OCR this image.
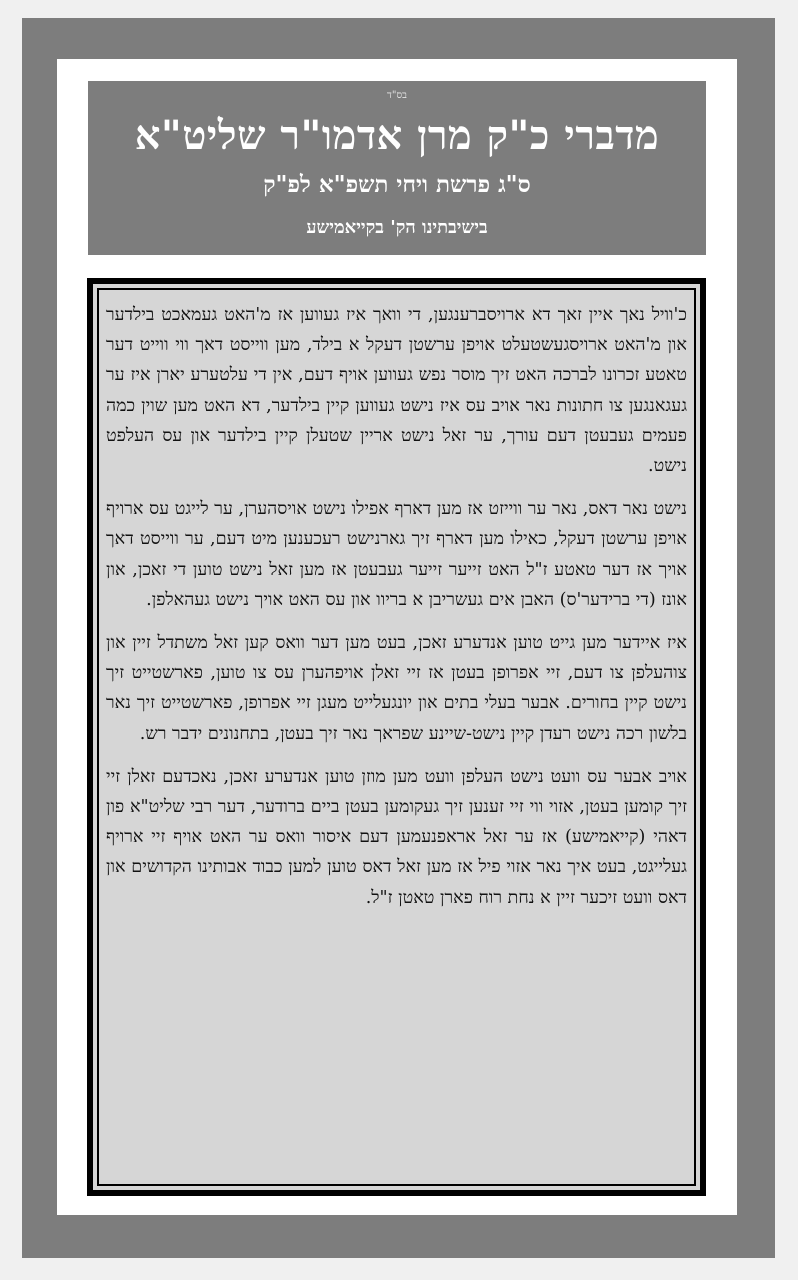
בס"ד
מדברי כ"ק מרן אדמו"ר שליט"א
ס"ג פרשת ויחי תשפ"א לפ"ק
בישיבתינו הק' בקייאמישע

כ'וויל נאך איין זאך דא ארויסברענגען, די וואך איז געווען אז מ'האט געמאכט בילדער און מ'האט ארויסגעשטעלט אויפן ערשטן דעקל א בילד, מען ווייסט דאך ווי ווייט דער טאטע זכרונו לברכה האט זיך מוסר נפש געווען אויף דעם, אין די עלטערע יארן איז ער געגאנגען צו חתונות נאר אויב עס איז נישט געווען קיין בילדער, דא האט מען שוין כמה פעמים געבעטן דעם עורך, ער זאל נישט אריין שטעלן קיין בילדער און עס העלפט נישט.

נישט נאר דאס, נאר ער ווייזט אז מען דארף אפילו נישט אויסהערן, ער לייגט עס ארויף אויפן ערשטן דעקל, כאילו מען דארף זיך גארנישט רעכענען מיט דעם, ער ווייסט דאך אויך אז דער טאטע ז"ל האט זייער זייער געבעטן אז מען זאל נישט טוען די זאכן, און אונז (די ברידער'ס) האבן אים געשריבן א בריוו און עס האט אויך נישט געהאלפן.

איז איידער מען גייט טוען אנדערע זאכן, בעט מען דער וואס קען זאל משתדל זיין און צוהעלפן צו דעם, זיי אפרופן בעטן אז זיי זאלן אויפהערן עס צו טוען, פארשטייט זיך נישט קיין בחורים. אבער בעלי בתים און יונגעלייט מעגן זיי אפרופן, פארשטייט זיך נאר בלשון רכה נישט רעדן קיין נישט-שיינע שפראך נאר זיך בעטן, בתחנונים ידבר רש.

אויב אבער עס וועט נישט העלפן וועט מען מוזן טוען אנדערע זאכן, נאכדעם זאלן זיי זיך קומען בעטן, אזוי ווי זיי זענען זיך געקומען בעטן ביים ברודער, דער רבי שליט"א פון דאהי (קייאמישע) אז ער זאל אראפנעמען דעם איסור וואס ער האט אויף זיי ארויף געלייגט, בעט איך נאר אזוי פיל אז מען זאל דאס טוען למען כבוד אבותינו הקדושים און דאס וועט זיכער זיין א נחת רוח פארן טאטן ז"ל.
